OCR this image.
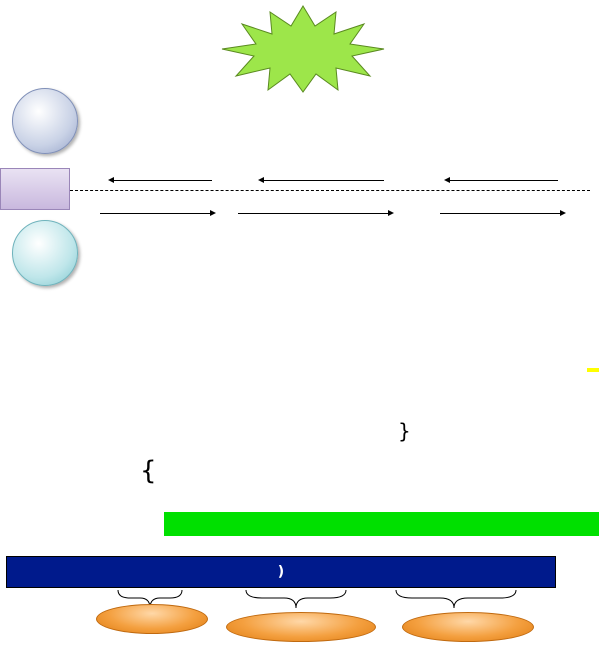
}
{
(
